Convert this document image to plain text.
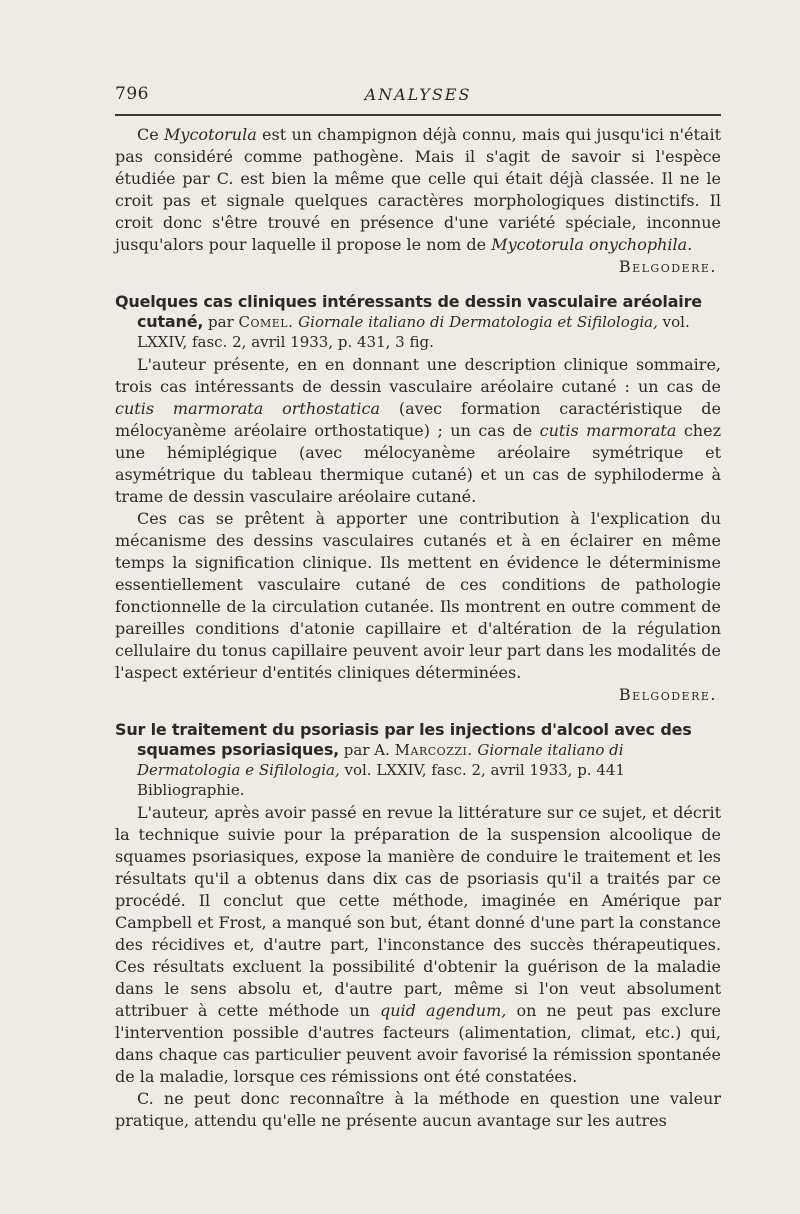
796	ANALYSES

Ce Mycotorula est un champignon déjà connu, mais qui jusqu'ici n'était pas considéré comme pathogène. Mais il s'agit de savoir si l'espèce étudiée par C. est bien la même que celle qui était déjà classée. Il ne le croit pas et signale quelques caractères morphologiques distinctifs. Il croit donc s'être trouvé en présence d'une variété spéciale, inconnue jusqu'alors pour laquelle il propose le nom de Mycotorula onychophila.

Belgodere.

Quelques cas cliniques intéressants de dessin vasculaire aréolaire cutané, par Comel. Giornale italiano di Dermatologia et Sifilologia, vol. LXXIV, fasc. 2, avril 1933, p. 431, 3 fig.

L'auteur présente, en en donnant une description clinique sommaire, trois cas intéressants de dessin vasculaire aréolaire cutané : un cas de cutis marmorata orthostatica (avec formation caractéristique de mélocyanème aréolaire orthostatique) ; un cas de cutis marmorata chez une hémiplégique (avec mélocyanème aréolaire symétrique et asymétrique du tableau thermique cutané) et un cas de syphiloderme à trame de dessin vasculaire aréolaire cutané.

Ces cas se prêtent à apporter une contribution à l'explication du mécanisme des dessins vasculaires cutanés et à en éclairer en même temps la signification clinique. Ils mettent en évidence le déterminisme essentiellement vasculaire cutané de ces conditions de pathologie fonctionnelle de la circulation cutanée. Ils montrent en outre comment de pareilles conditions d'atonie capillaire et d'altération de la régulation cellulaire du tonus capillaire peuvent avoir leur part dans les modalités de l'aspect extérieur d'entités cliniques déterminées.

Belgodere.

Sur le traitement du psoriasis par les injections d'alcool avec des squames psoriasiques, par A. Marcozzi. Giornale italiano di Dermatologia e Sifilologia, vol. LXXIV, fasc. 2, avril 1933, p. 441 Bibliographie.

L'auteur, après avoir passé en revue la littérature sur ce sujet, et décrit la technique suivie pour la préparation de la suspension alcoolique de squames psoriasiques, expose la manière de conduire le traitement et les résultats qu'il a obtenus dans dix cas de psoriasis qu'il a traités par ce procédé. Il conclut que cette méthode, imaginée en Amérique par Campbell et Frost, a manqué son but, étant donné d'une part la constance des récidives et, d'autre part, l'inconstance des succès thérapeutiques. Ces résultats excluent la possibilité d'obtenir la guérison de la maladie dans le sens absolu et, d'autre part, même si l'on veut absolument attribuer à cette méthode un quid agendum, on ne peut pas exclure l'intervention possible d'autres facteurs (alimentation, climat, etc.) qui, dans chaque cas particulier peuvent avoir favorisé la rémission spontanée de la maladie, lorsque ces rémissions ont été constatées.

C. ne peut donc reconnaître à la méthode en question une valeur pratique, attendu qu'elle ne présente aucun avantage sur les autres
